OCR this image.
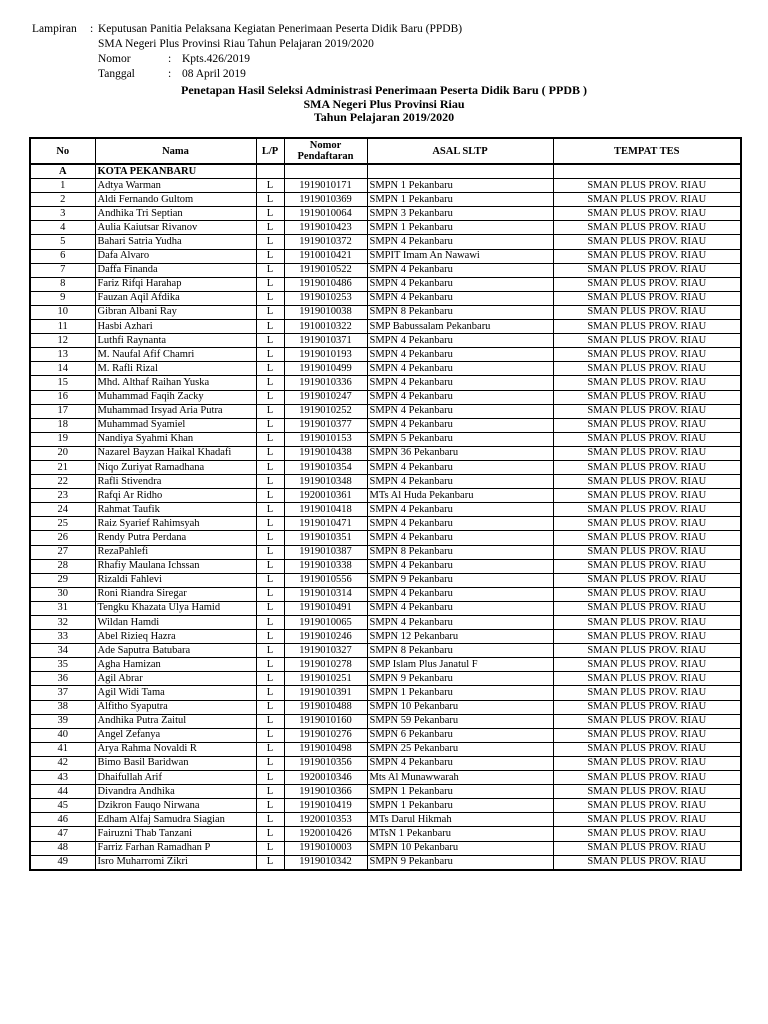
Lampiran : Keputusan Panitia Pelaksana Kegiatan Penerimaan Peserta Didik Baru (PPDB)
SMA Negeri Plus Provinsi Riau Tahun Pelajaran 2019/2020
Nomor	: Kpts.426/2019
Tanggal	: 08 April 2019
Penetapan Hasil Seleksi Administrasi Penerimaan Peserta Didik Baru ( PPDB )
SMA Negeri Plus Provinsi Riau
Tahun Pelajaran 2019/2020
No	Nama	L/P	Nomor Pendaftaran	ASAL SLTP	TEMPAT TES
A	KOTA PEKANBARU				
1	Adtya Warman	L	1919010171	SMPN 1 Pekanbaru	SMAN PLUS PROV. RIAU
2	Aldi Fernando Gultom	L	1919010369	SMPN 1 Pekanbaru	SMAN PLUS PROV. RIAU
3	Andhika Tri Septian	L	1919010064	SMPN 3 Pekanbaru	SMAN PLUS PROV. RIAU
4	Aulia Kaiutsar Rivanov	L	1919010423	SMPN 1 Pekanbaru	SMAN PLUS PROV. RIAU
5	Bahari Satria Yudha	L	1919010372	SMPN 4 Pekanbaru	SMAN PLUS PROV. RIAU
6	Dafa Alvaro	L	1910010421	SMPIT Imam An Nawawi	SMAN PLUS PROV. RIAU
7	Daffa Finanda	L	1919010522	SMPN 4 Pekanbaru	SMAN PLUS PROV. RIAU
8	Fariz Rifqi Harahap	L	1919010486	SMPN 4 Pekanbaru	SMAN PLUS PROV. RIAU
9	Fauzan Aqil Afdika	L	1919010253	SMPN 4 Pekanbaru	SMAN PLUS PROV. RIAU
10	Gibran Albani Ray	L	1919010038	SMPN 8 Pekanbaru	SMAN PLUS PROV. RIAU
11	Hasbi Azhari	L	1910010322	SMP Babussalam Pekanbaru	SMAN PLUS PROV. RIAU
12	Luthfi Raynanta	L	1919010371	SMPN 4 Pekanbaru	SMAN PLUS PROV. RIAU
13	M. Naufal Afif Chamri	L	1919010193	SMPN 4 Pekanbaru	SMAN PLUS PROV. RIAU
14	M. Rafli Rizal	L	1919010499	SMPN 4 Pekanbaru	SMAN PLUS PROV. RIAU
15	Mhd. Althaf Raihan Yuska	L	1919010336	SMPN 4 Pekanbaru	SMAN PLUS PROV. RIAU
16	Muhammad Faqih Zacky	L	1919010247	SMPN 4 Pekanbaru	SMAN PLUS PROV. RIAU
17	Muhammad Irsyad Aria Putra	L	1919010252	SMPN 4 Pekanbaru	SMAN PLUS PROV. RIAU
18	Muhammad Syamiel	L	1919010377	SMPN 4 Pekanbaru	SMAN PLUS PROV. RIAU
19	Nandiya Syahmi Khan	L	1919010153	SMPN 5 Pekanbaru	SMAN PLUS PROV. RIAU
20	Nazarel Bayzan Haikal Khadafi	L	1919010438	SMPN 36 Pekanbaru	SMAN PLUS PROV. RIAU
21	Niqo Zuriyat Ramadhana	L	1919010354	SMPN 4 Pekanbaru	SMAN PLUS PROV. RIAU
22	Rafli Stivendra	L	1919010348	SMPN 4 Pekanbaru	SMAN PLUS PROV. RIAU
23	Rafqi Ar Ridho	L	1920010361	MTs Al Huda Pekanbaru	SMAN PLUS PROV. RIAU
24	Rahmat Taufik	L	1919010418	SMPN 4 Pekanbaru	SMAN PLUS PROV. RIAU
25	Raiz Syarief Rahimsyah	L	1919010471	SMPN 4 Pekanbaru	SMAN PLUS PROV. RIAU
26	Rendy Putra Perdana	L	1919010351	SMPN 4 Pekanbaru	SMAN PLUS PROV. RIAU
27	RezaPahlefi	L	1919010387	SMPN 8 Pekanbaru	SMAN PLUS PROV. RIAU
28	Rhafiy Maulana Ichssan	L	1919010338	SMPN 4 Pekanbaru	SMAN PLUS PROV. RIAU
29	Rizaldi Fahlevi	L	1919010556	SMPN 9 Pekanbaru	SMAN PLUS PROV. RIAU
30	Roni Riandra Siregar	L	1919010314	SMPN 4 Pekanbaru	SMAN PLUS PROV. RIAU
31	Tengku Khazata Ulya Hamid	L	1919010491	SMPN 4 Pekanbaru	SMAN PLUS PROV. RIAU
32	Wildan Hamdi	L	1919010065	SMPN 4 Pekanbaru	SMAN PLUS PROV. RIAU
33	Abel Rizieq Hazra	L	1919010246	SMPN 12 Pekanbaru	SMAN PLUS PROV. RIAU
34	Ade Saputra Batubara	L	1919010327	SMPN 8 Pekanbaru	SMAN PLUS PROV. RIAU
35	Agha Hamizan	L	1919010278	SMP Islam Plus Janatul F	SMAN PLUS PROV. RIAU
36	Agil Abrar	L	1919010251	SMPN 9 Pekanbaru	SMAN PLUS PROV. RIAU
37	Agil Widi Tama	L	1919010391	SMPN 1 Pekanbaru	SMAN PLUS PROV. RIAU
38	Alfitho Syaputra	L	1919010488	SMPN 10 Pekanbaru	SMAN PLUS PROV. RIAU
39	Andhika Putra Zaitul	L	1919010160	SMPN 59 Pekanbaru	SMAN PLUS PROV. RIAU
40	Angel Zefanya	L	1919010276	SMPN 6 Pekanbaru	SMAN PLUS PROV. RIAU
41	Arya Rahma Novaldi R	L	1919010498	SMPN 25 Pekanbaru	SMAN PLUS PROV. RIAU
42	Bimo Basil Baridwan	L	1919010356	SMPN 4 Pekanbaru	SMAN PLUS PROV. RIAU
43	Dhaifullah Arif	L	1920010346	Mts Al Munawwarah	SMAN PLUS PROV. RIAU
44	Divandra Andhika	L	1919010366	SMPN 1 Pekanbaru	SMAN PLUS PROV. RIAU
45	Dzikron Fauqo Nirwana	L	1919010419	SMPN 1 Pekanbaru	SMAN PLUS PROV. RIAU
46	Edham Alfaj Samudra Siagian	L	1920010353	MTs Darul Hikmah	SMAN PLUS PROV. RIAU
47	Fairuzni Thab Tanzani	L	1920010426	MTsN 1 Pekanbaru	SMAN PLUS PROV. RIAU
48	Farriz Farhan Ramadhan P	L	1919010003	SMPN 10 Pekanbaru	SMAN PLUS PROV. RIAU
49	Isro Muharromi Zikri	L	1919010342	SMPN 9 Pekanbaru	SMAN PLUS PROV. RIAU
